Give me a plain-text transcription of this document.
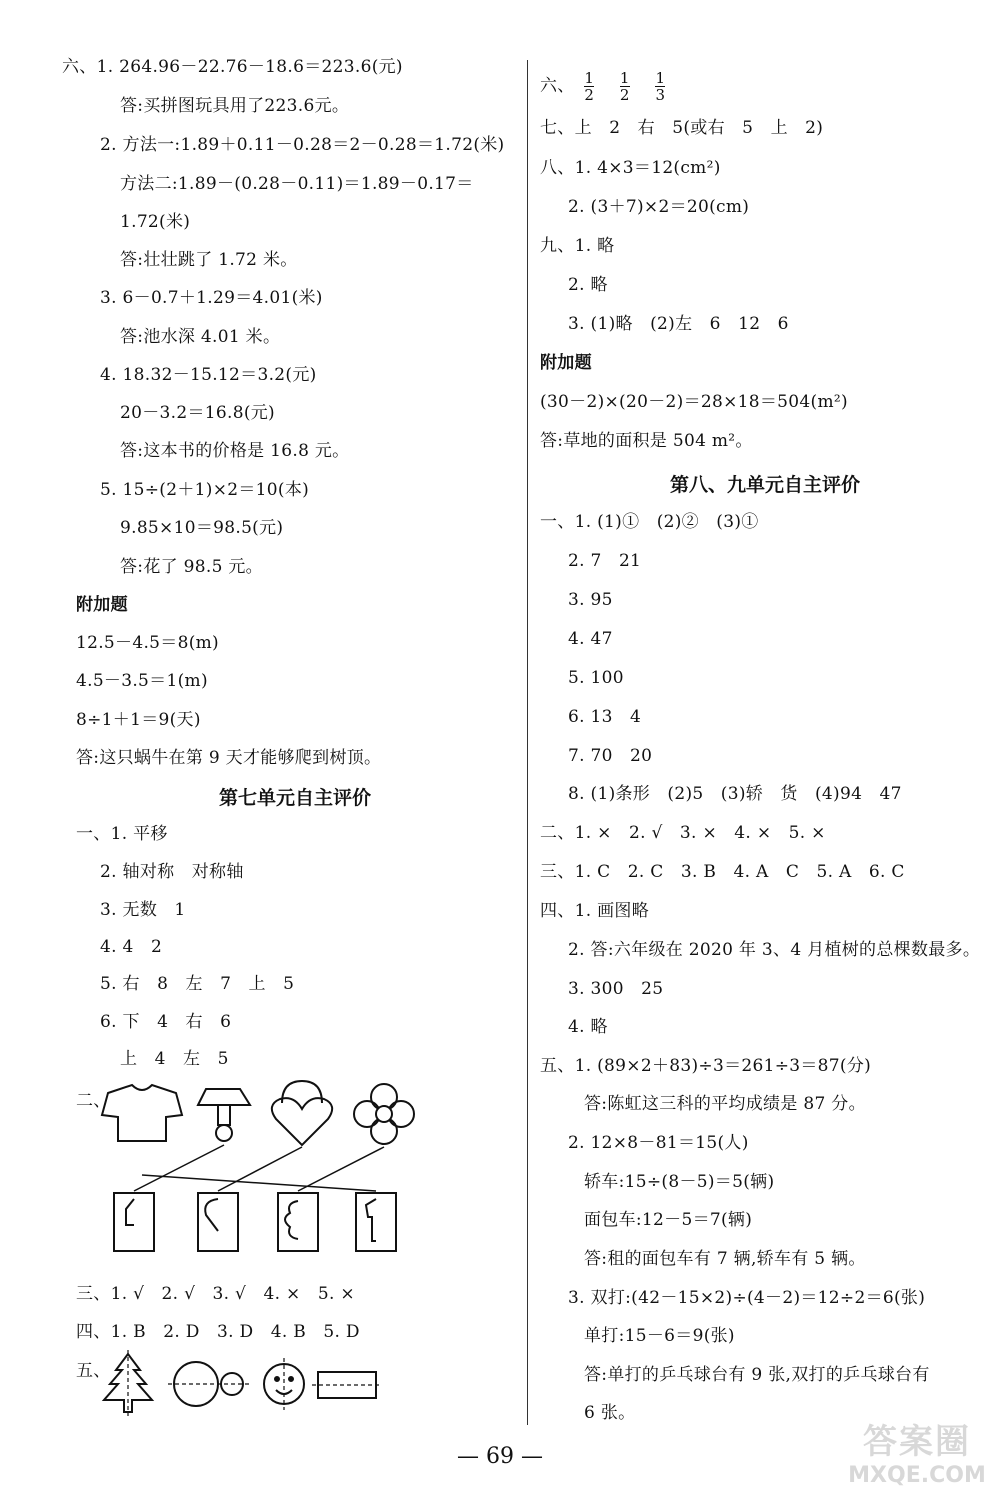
六、1. 264.96－22.76－18.6＝223.6(元)
答:买拼图玩具用了223.6元。
2. 方法一:1.89＋0.11－0.28＝2－0.28＝1.72(米)
方法二:1.89－(0.28－0.11)＝1.89－0.17＝
1.72(米)
答:壮壮跳了 1.72 米。
3. 6－0.7＋1.29＝4.01(米)
答:池水深 4.01 米。
4. 18.32－15.12＝3.2(元)
20－3.2＝16.8(元)
答:这本书的价格是 16.8 元。
5. 15÷(2＋1)×2＝10(本)
9.85×10＝98.5(元)
答:花了 98.5 元。
附加题
12.5－4.5＝8(m)
4.5－3.5＝1(m)
8÷1＋1＝9(天)
答:这只蜗牛在第 9 天才能够爬到树顶。
第七单元自主评价
一、1. 平移
2. 轴对称　对称轴
3. 无数　1
4. 4　2
5. 右　8　左　7　上　5
6. 下　4　右　6
上　4　左　5
二、
三、1. √　2. √　3. √　4. ×　5. ×
四、1. B　2. D　3. D　4. B　5. D
五、
六、 $\frac{1}{2}$
$\frac{1}{2}$
$\frac{1}{3}$
七、上　2　右　5(或右　5　上　2)
八、1. 4×3＝12(cm²)
2. (3＋7)×2＝20(cm)
九、1. 略
2. 略
3. (1)略　(2)左　6　12　6
附加题
(30－2)×(20－2)＝28×18＝504(m²)
答:草地的面积是 504 m²。
第八、九单元自主评价
一、1. (1)①　(2)②　(3)①
2. 7　21
3. 95
4. 47
5. 100
6. 13　4
7. 70　20
8. (1)条形　(2)5　(3)轿　货　(4)94　47
二、1. ×　2. √　3. ×　4. ×　5. ×
三、1. C　2. C　3. B　4. A　C　5. A　6. C
四、1. 画图略
2. 答:六年级在 2020 年 3、4 月植树的总棵数最多。
3. 300　25
4. 略
五、1. (89×2＋83)÷3＝261÷3＝87(分)
答:陈虹这三科的平均成绩是 87 分。
2. 12×8－81＝15(人)
轿车:15÷(8－5)＝5(辆)
面包车:12－5＝7(辆)
答:租的面包车有 7 辆,轿车有 5 辆。
3. 双打:(42－15×2)÷(4－2)＝12÷2＝6(张)
单打:15－6＝9(张)
答:单打的乒乓球台有 9 张,双打的乒乓球台有
6 张。
— 69 —	答案圈
MXQE.COM
